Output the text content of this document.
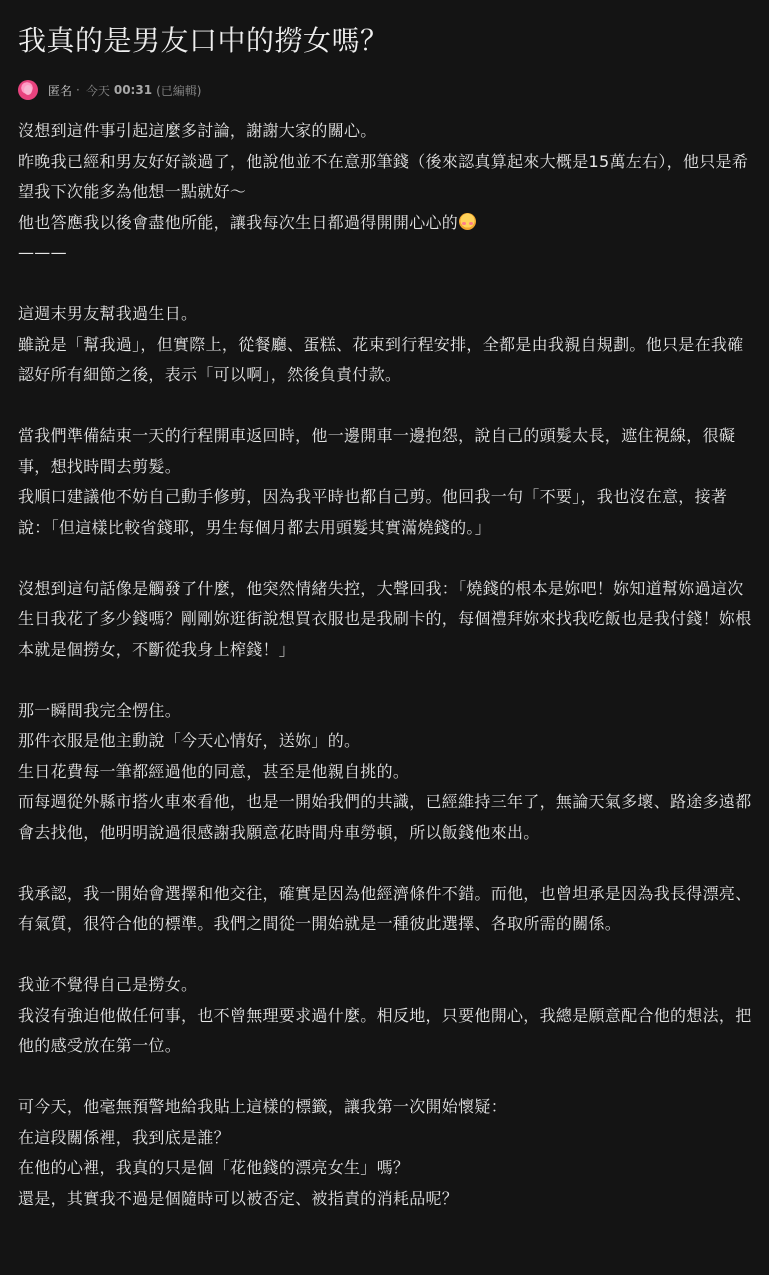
我真的是男友口中的撈女嗎？
匿名 · 今天 00:31 (已編輯)

沒想到這件事引起這麼多討論，謝謝大家的關心。

昨晚我已經和男友好好談過了，他說他並不在意那筆錢（後來認真算起來大概是15萬左右），他只是希望我下次能多為他想一點就好～

他也答應我以後會盡他所能，讓我每次生日都過得開開心心的

———

這週末男友幫我過生日。

雖說是「幫我過」，但實際上，從餐廳、蛋糕、花束到行程安排，全都是由我親自規劃。他只是在我確認好所有細節之後，表示「可以啊」，然後負責付款。

當我們準備結束一天的行程開車返回時，他一邊開車一邊抱怨，說自己的頭髮太長，遮住視線，很礙事，想找時間去剪髮。

我順口建議他不妨自己動手修剪，因為我平時也都自己剪。他回我一句「不要」，我也沒在意，接著說：「但這樣比較省錢耶，男生每個月都去用頭髮其實滿燒錢的。」

沒想到這句話像是觸發了什麼，他突然情緒失控，大聲回我：「燒錢的根本是妳吧！妳知道幫妳過這次生日我花了多少錢嗎？剛剛妳逛街說想買衣服也是我刷卡的，每個禮拜妳來找我吃飯也是我付錢！妳根本就是個撈女，不斷從我身上榨錢！」

那一瞬間我完全愣住。

那件衣服是他主動說「今天心情好，送妳」的。

生日花費每一筆都經過他的同意，甚至是他親自挑的。

而每週從外縣市搭火車來看他，也是一開始我們的共識，已經維持三年了，無論天氣多壞、路途多遠都會去找他，他明明說過很感謝我願意花時間舟車勞頓，所以飯錢他來出。

我承認，我一開始會選擇和他交往，確實是因為他經濟條件不錯。而他，也曾坦承是因為我長得漂亮、有氣質，很符合他的標準。我們之間從一開始就是一種彼此選擇、各取所需的關係。

我並不覺得自己是撈女。

我沒有強迫他做任何事，也不曾無理要求過什麼。相反地，只要他開心，我總是願意配合他的想法，把他的感受放在第一位。

可今天，他毫無預警地給我貼上這樣的標籤，讓我第一次開始懷疑：

在這段關係裡，我到底是誰？

在他的心裡，我真的只是個「花他錢的漂亮女生」嗎？

還是，其實我不過是個隨時可以被否定、被指責的消耗品呢？
